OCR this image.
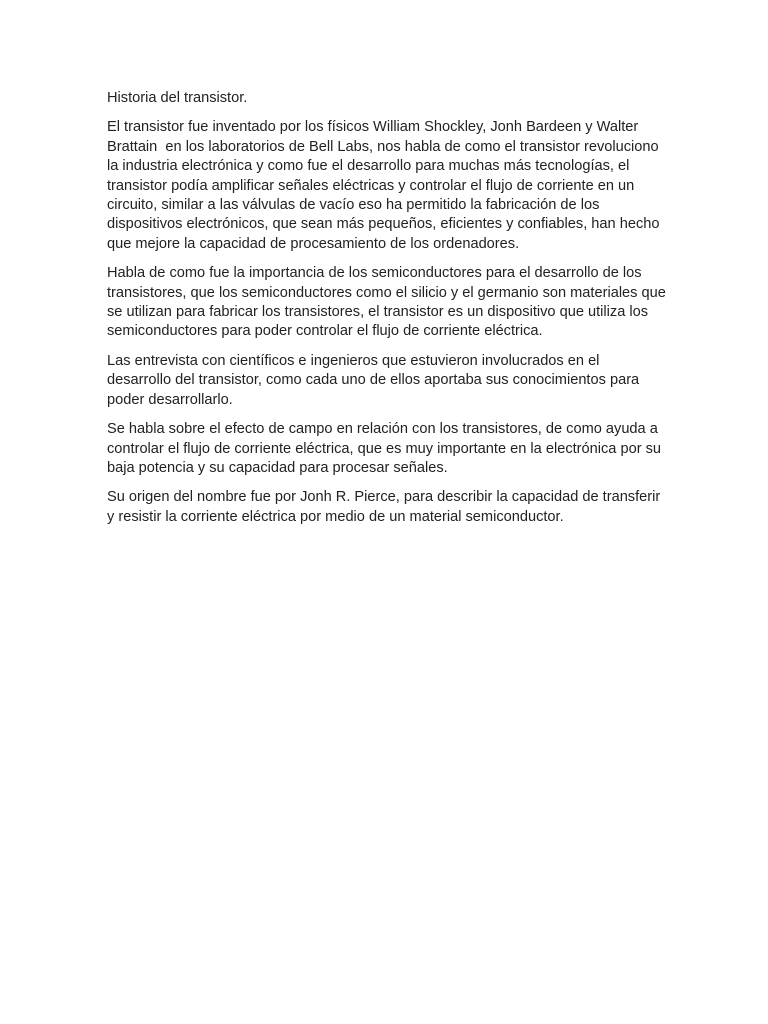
Historia del transistor.

El transistor fue inventado por los físicos William Shockley, Jonh Bardeen y Walter Brattain  en los laboratorios de Bell Labs, nos habla de como el transistor revoluciono la industria electrónica y como fue el desarrollo para muchas más tecnologías, el transistor podía amplificar señales eléctricas y controlar el flujo de corriente en un circuito, similar a las válvulas de vacío eso ha permitido la fabricación de los dispositivos electrónicos, que sean más pequeños, eficientes y confiables, han hecho que mejore la capacidad de procesamiento de los ordenadores.

Habla de como fue la importancia de los semiconductores para el desarrollo de los transistores, que los semiconductores como el silicio y el germanio son materiales que se utilizan para fabricar los transistores, el transistor es un dispositivo que utiliza los semiconductores para poder controlar el flujo de corriente eléctrica.

Las entrevista con científicos e ingenieros que estuvieron involucrados en el desarrollo del transistor, como cada uno de ellos aportaba sus conocimientos para poder desarrollarlo.

Se habla sobre el efecto de campo en relación con los transistores, de como ayuda a controlar el flujo de corriente eléctrica, que es muy importante en la electrónica por su baja potencia y su capacidad para procesar señales.

Su origen del nombre fue por Jonh R. Pierce, para describir la capacidad de transferir y resistir la corriente eléctrica por medio de un material semiconductor.
